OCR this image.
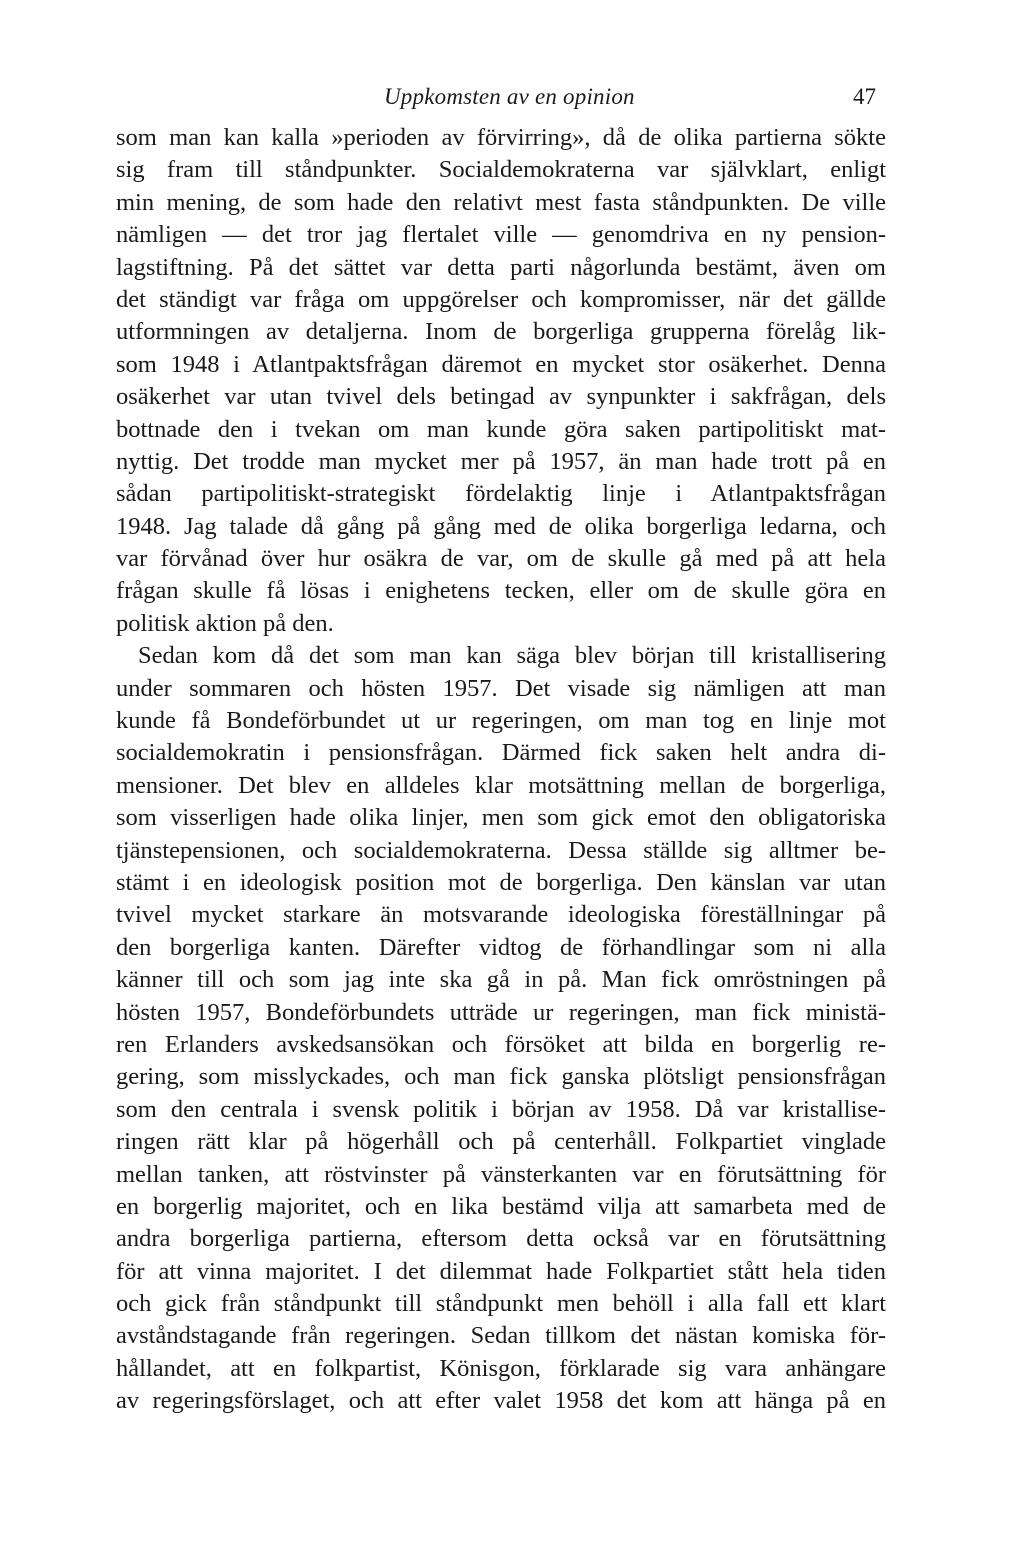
Uppkomsten av en opinion	47
som man kan kalla »perioden av förvirring», då de olika partierna sökte
sig fram till ståndpunkter. Socialdemokraterna var självklart, enligt
min mening, de som hade den relativt mest fasta ståndpunkten. De ville
nämligen — det tror jag flertalet ville — genomdriva en ny pension-
lagstiftning. På det sättet var detta parti någorlunda bestämt, även om
det ständigt var fråga om uppgörelser och kompromisser, när det gällde
utformningen av detaljerna. Inom de borgerliga grupperna förelåg lik-
som 1948 i Atlantpaktsfrågan däremot en mycket stor osäkerhet. Denna
osäkerhet var utan tvivel dels betingad av synpunkter i sakfrågan, dels
bottnade den i tvekan om man kunde göra saken partipolitiskt mat-
nyttig. Det trodde man mycket mer på 1957, än man hade trott på en
sådan partipolitiskt-strategiskt fördelaktig linje i Atlantpaktsfrågan
1948. Jag talade då gång på gång med de olika borgerliga ledarna, och
var förvånad över hur osäkra de var, om de skulle gå med på att hela
frågan skulle få lösas i enighetens tecken, eller om de skulle göra en
politisk aktion på den.
Sedan kom då det som man kan säga blev början till kristallisering
under sommaren och hösten 1957. Det visade sig nämligen att man
kunde få Bondeförbundet ut ur regeringen, om man tog en linje mot
socialdemokratin i pensionsfrågan. Därmed fick saken helt andra di-
mensioner. Det blev en alldeles klar motsättning mellan de borgerliga,
som visserligen hade olika linjer, men som gick emot den obligatoriska
tjänstepensionen, och socialdemokraterna. Dessa ställde sig alltmer be-
stämt i en ideologisk position mot de borgerliga. Den känslan var utan
tvivel mycket starkare än motsvarande ideologiska föreställningar på
den borgerliga kanten. Därefter vidtog de förhandlingar som ni alla
känner till och som jag inte ska gå in på. Man fick omröstningen på
hösten 1957, Bondeförbundets utträde ur regeringen, man fick ministä-
ren Erlanders avskedsansökan och försöket att bilda en borgerlig re-
gering, som misslyckades, och man fick ganska plötsligt pensionsfrågan
som den centrala i svensk politik i början av 1958. Då var kristallise-
ringen rätt klar på högerhåll och på centerhåll. Folkpartiet vinglade
mellan tanken, att röstvinster på vänsterkanten var en förutsättning för
en borgerlig majoritet, och en lika bestämd vilja att samarbeta med de
andra borgerliga partierna, eftersom detta också var en förutsättning
för att vinna majoritet. I det dilemmat hade Folkpartiet stått hela tiden
och gick från ståndpunkt till ståndpunkt men behöll i alla fall ett klart
avståndstagande från regeringen. Sedan tillkom det nästan komiska för-
hållandet, att en folkpartist, Könisgon, förklarade sig vara anhängare
av regeringsförslaget, och att efter valet 1958 det kom att hänga på en
